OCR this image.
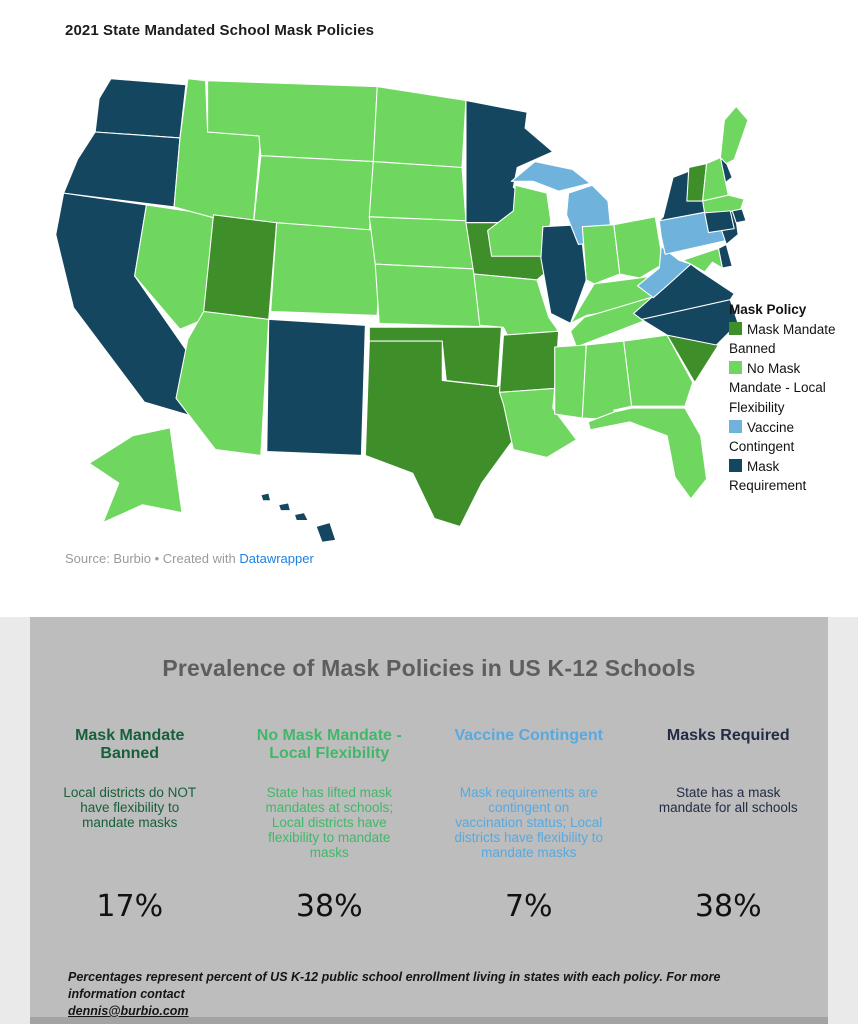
2021 State Mandated School Mask Policies
Mask Policy
Mask Mandate Banned
No Mask Mandate - Local Flexibility
Vaccine Contingent
Mask Requirement
Source: Burbio • Created with Datawrapper
Prevalence of Mask Policies in US K-12 Schools
Mask Mandate Banned
Local districts do NOT have flexibility to mandate masks
No Mask Mandate - Local Flexibility
State has lifted mask mandates at schools; Local districts have flexibility to mandate masks
Vaccine Contingent
Mask requirements are contingent on vaccination status; Local districts have flexibility to mandate masks
Masks Required
State has a mask mandate for all schools
17%	38%	7%	38%
Percentages represent percent of US K-12 public school enrollment living in states with each policy. For more information contact
dennis@burbio.com
